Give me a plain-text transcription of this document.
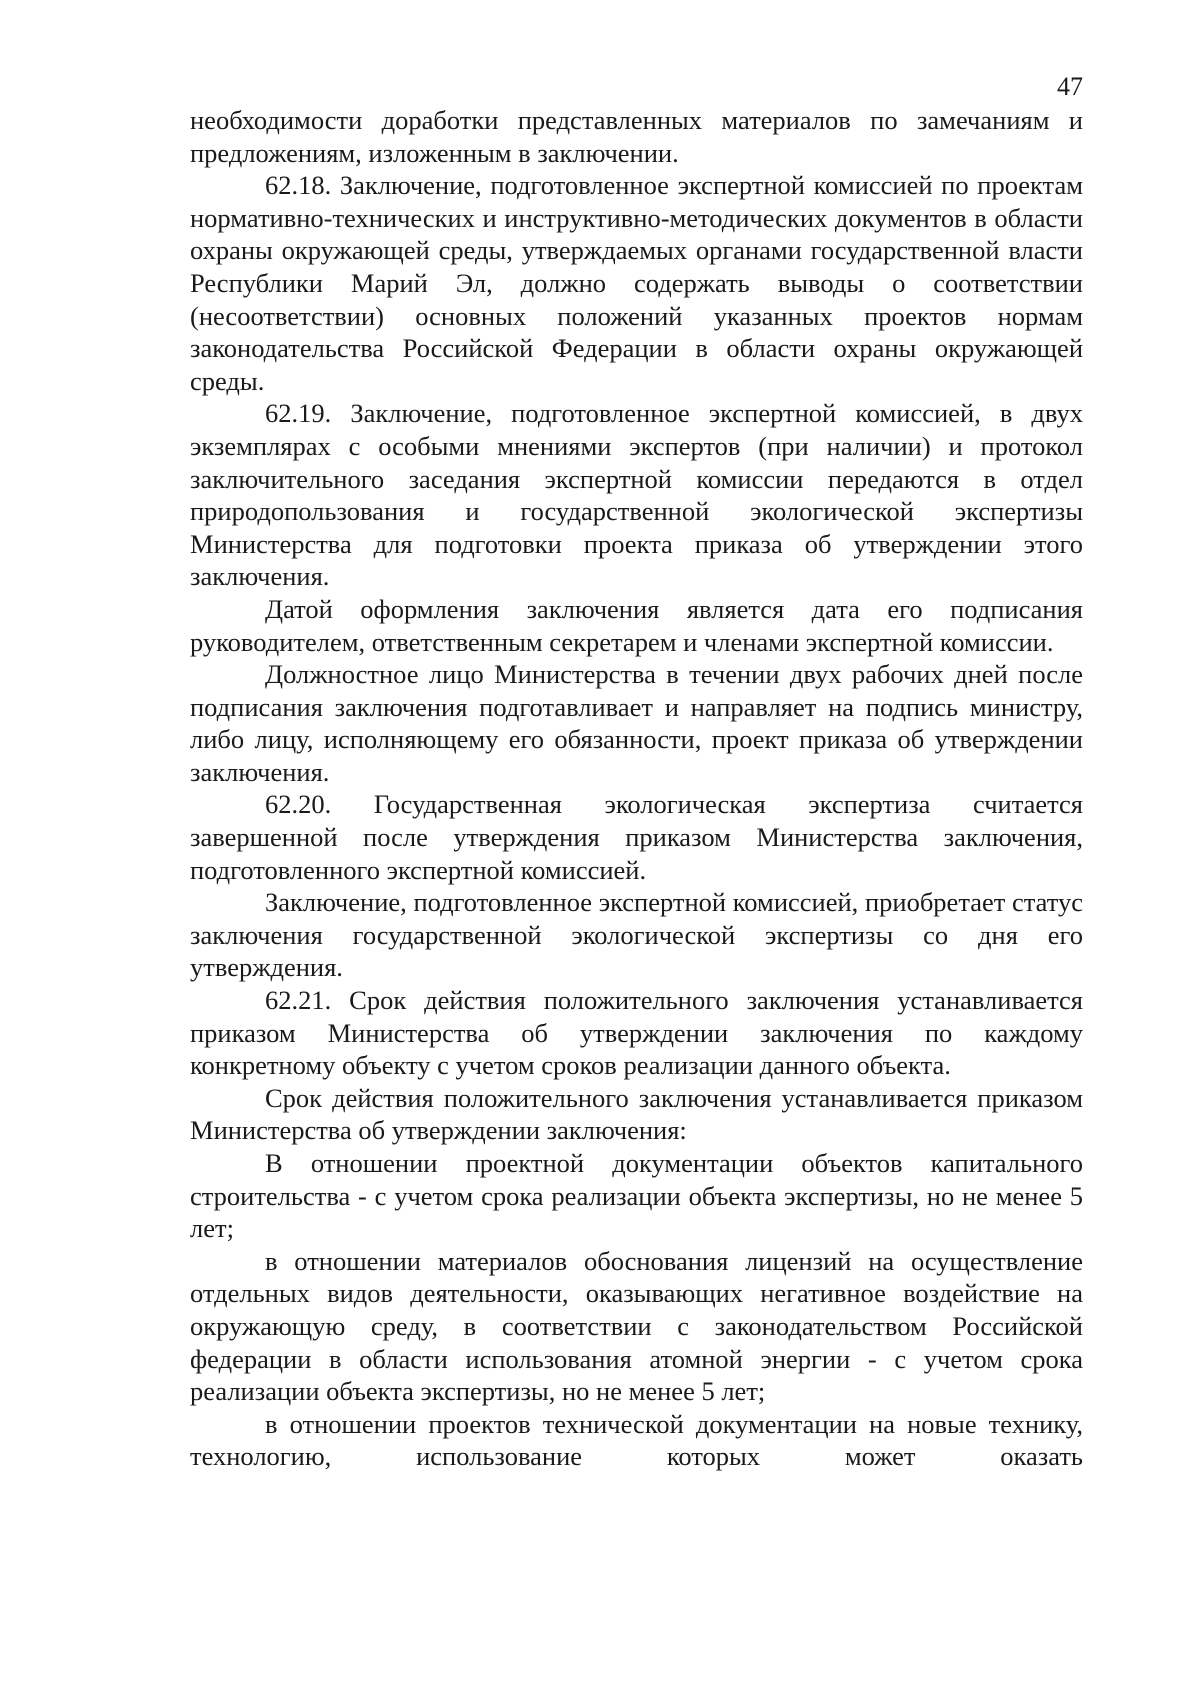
47

необходимости доработки представленных материалов по замечаниям и предложениям, изложенным в заключении.

62.18. Заключение, подготовленное экспертной комиссией по проектам нормативно-технических и инструктивно-методических документов в области охраны окружающей среды, утверждаемых органами государственной власти Республики Марий Эл, должно содержать выводы о соответствии (несоответствии) основных положений указанных проектов нормам законодательства Российской Федерации в области охраны окружающей среды.

62.19. Заключение, подготовленное экспертной комиссией, в двух экземплярах с особыми мнениями экспертов (при наличии) и протокол заключительного заседания экспертной комиссии передаются в отдел природопользования и государственной экологической экспертизы Министерства для подготовки проекта приказа об утверждении этого заключения.

Датой оформления заключения является дата его подписания руководителем, ответственным секретарем и членами экспертной комиссии.

Должностное лицо Министерства в течении двух рабочих дней после подписания заключения подготавливает и направляет на подпись министру, либо лицу, исполняющему его обязанности, проект приказа об утверждении заключения.

62.20. Государственная экологическая экспертиза считается завершенной после утверждения приказом Министерства заключения, подготовленного экспертной комиссией.

Заключение, подготовленное экспертной комиссией, приобретает статус заключения государственной экологической экспертизы со дня его утверждения.

62.21. Срок действия положительного заключения устанавливается приказом Министерства об утверждении заключения по каждому конкретному объекту с учетом сроков реализации данного объекта.

Срок действия положительного заключения устанавливается приказом Министерства об утверждении заключения:

В отношении проектной документации объектов капитального строительства - с учетом срока реализации объекта экспертизы, но не менее 5 лет;

в отношении материалов обоснования лицензий на осуществление отдельных видов деятельности, оказывающих негативное воздействие на окружающую среду, в соответствии с законодательством Российской федерации в области использования атомной энергии - с учетом срока реализации объекта экспертизы, но не менее 5 лет;

в отношении проектов технической документации на новые технику, технологию, использование которых может оказать
